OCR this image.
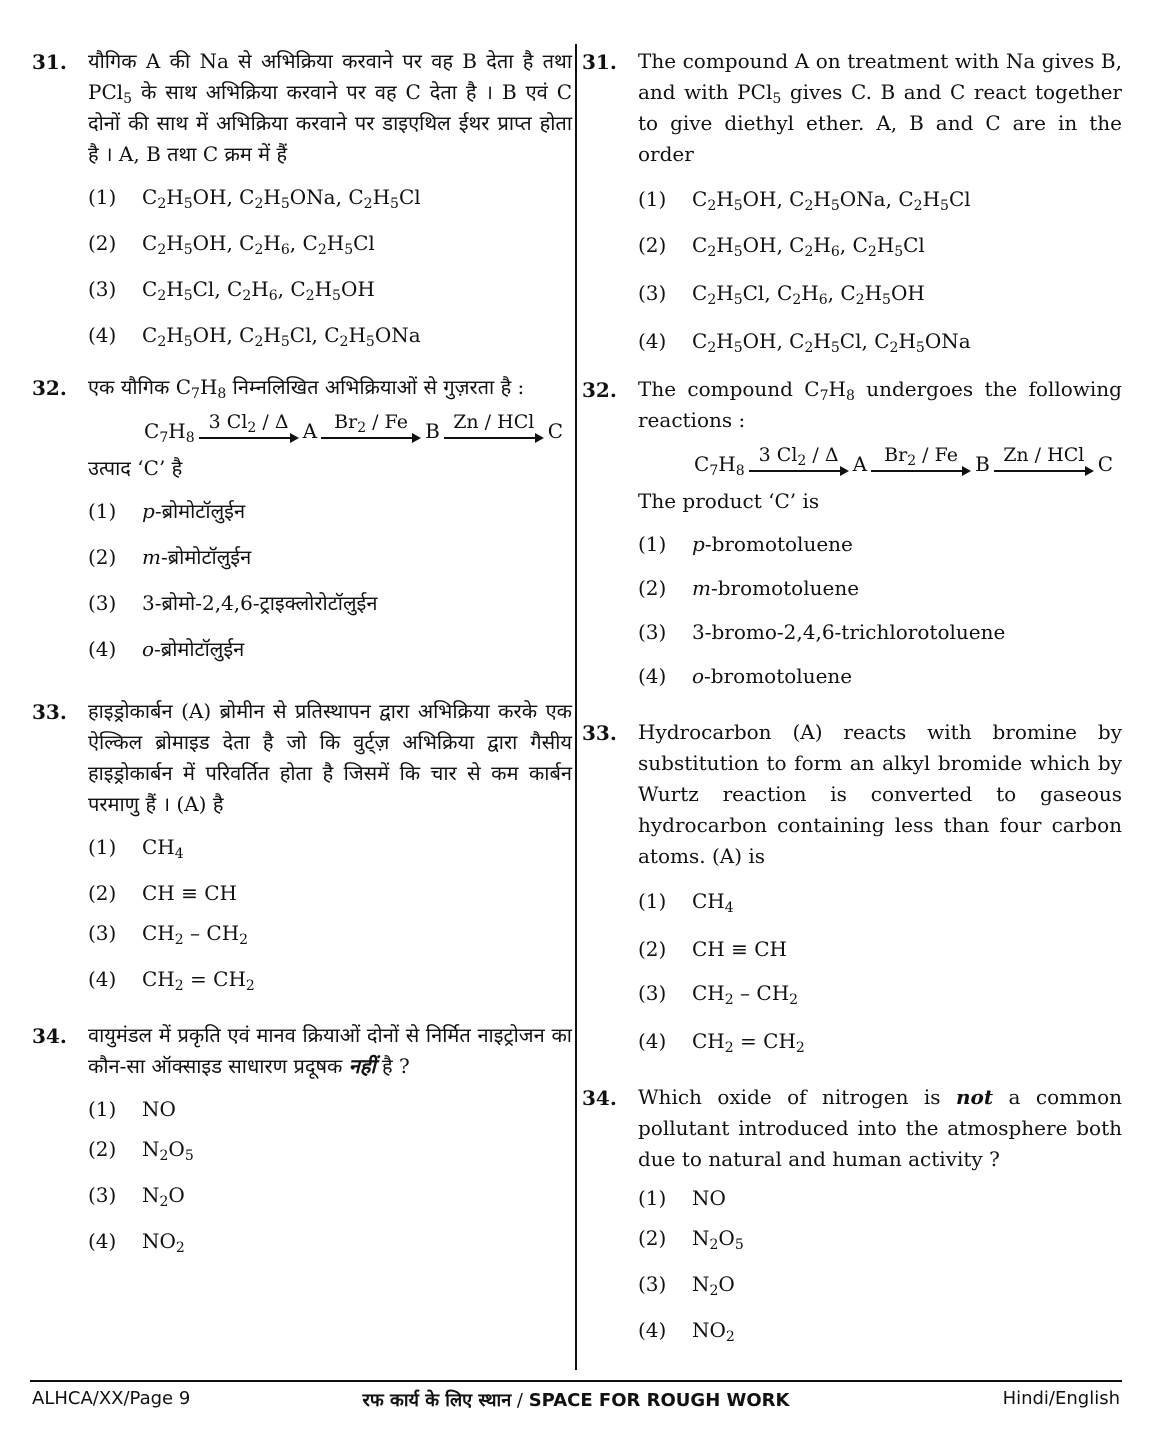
31. यौगिक A की Na से अभिक्रिया करवाने पर वह B देता है तथा PCl$_5$ के साथ अभिक्रिया करवाने पर वह C देता है । B एवं C दोनों की साथ में अभिक्रिया करवाने पर डाइएथिल ईथर प्राप्त होता है । A, B तथा C क्रम में हैं
(1)	$C_2H_5OH$, $C_2H_5ONa$, $C_2H_5Cl$
(2)	$C_2H_5OH$, $C_2H_6$, $C_2H_5Cl$
(3)	$C_2H_5Cl$, $C_2H_6$, $C_2H_5OH$
(4)	$C_2H_5OH$, $C_2H_5Cl$, $C_2H_5ONa$
32. एक यौगिक $C_7H_8$ निम्नलिखित अभिक्रियाओं से गुज़रता है :
$C_7H_8$
3 $Cl_2$ / Δ A $Br_2$ / Fe B Zn / HCl C
उत्पाद ‘C’ है
(1)	p-ब्रोमोटॉलुईन
(2)	m-ब्रोमोटॉलुईन
(3)	3-ब्रोमो-2,4,6-ट्राइक्लोरोटॉलुईन
(4)	o-ब्रोमोटॉलुईन
33. हाइड्रोकार्बन (A) ब्रोमीन से प्रतिस्थापन द्वारा अभिक्रिया करके एक ऐल्किल ब्रोमाइड देता है जो कि वुर्ट्ज़ अभिक्रिया द्वारा गैसीय हाइड्रोकार्बन में परिवर्तित होता है जिसमें कि चार से कम कार्बन परमाणु हैं । (A) है
(1)	$CH_4$
(2)	CH ≡ CH
(3)	$CH_2 - CH_2$
(4)	$CH_2 = CH_2$
34. वायुमंडल में प्रकृति एवं मानव क्रियाओं दोनों से निर्मित नाइट्रोजन का कौन-सा ऑक्साइड साधारण प्रदूषक नहीं है ?
(1)	NO
(2)	$N_2O_5$
(3)	$N_2O$
(4)	$NO_2$
31. The compound A on treatment with Na gives B, and with PCl$_5$ gives C. B and C react together to give diethyl ether. A, B and C are in the order
(1)	$C_2H_5OH$, $C_2H_5ONa$, $C_2H_5Cl$
(2)	$C_2H_5OH$, $C_2H_6$, $C_2H_5Cl$
(3)	$C_2H_5Cl$, $C_2H_6$, $C_2H_5OH$
(4)	$C_2H_5OH$, $C_2H_5Cl$, $C_2H_5ONa$
32. The compound $C_7H_8$ undergoes the following reactions :
$C_7H_8$
3 $Cl_2$ / Δ A $Br_2$ / Fe B Zn / HCl C
The product ‘C’ is
(1)	p-bromotoluene
(2)	m-bromotoluene
(3)	3-bromo-2,4,6-trichlorotoluene
(4)	o-bromotoluene
33. Hydrocarbon (A) reacts with bromine by substitution to form an alkyl bromide which by Wurtz reaction is converted to gaseous hydrocarbon containing less than four carbon atoms. (A) is
(1)	$CH_4$
(2)	CH ≡ CH
(3)	$CH_2 - CH_2$
(4)	$CH_2 = CH_2$
34. Which oxide of nitrogen is not a common pollutant introduced into the atmosphere both due to natural and human activity ?
(1)	NO
(2)	$N_2O_5$
(3)	$N_2O$
(4)	$NO_2$
ALHCA/XX/Page 9	रफ कार्य के लिए स्थान / SPACE FOR ROUGH WORK	Hindi/English
